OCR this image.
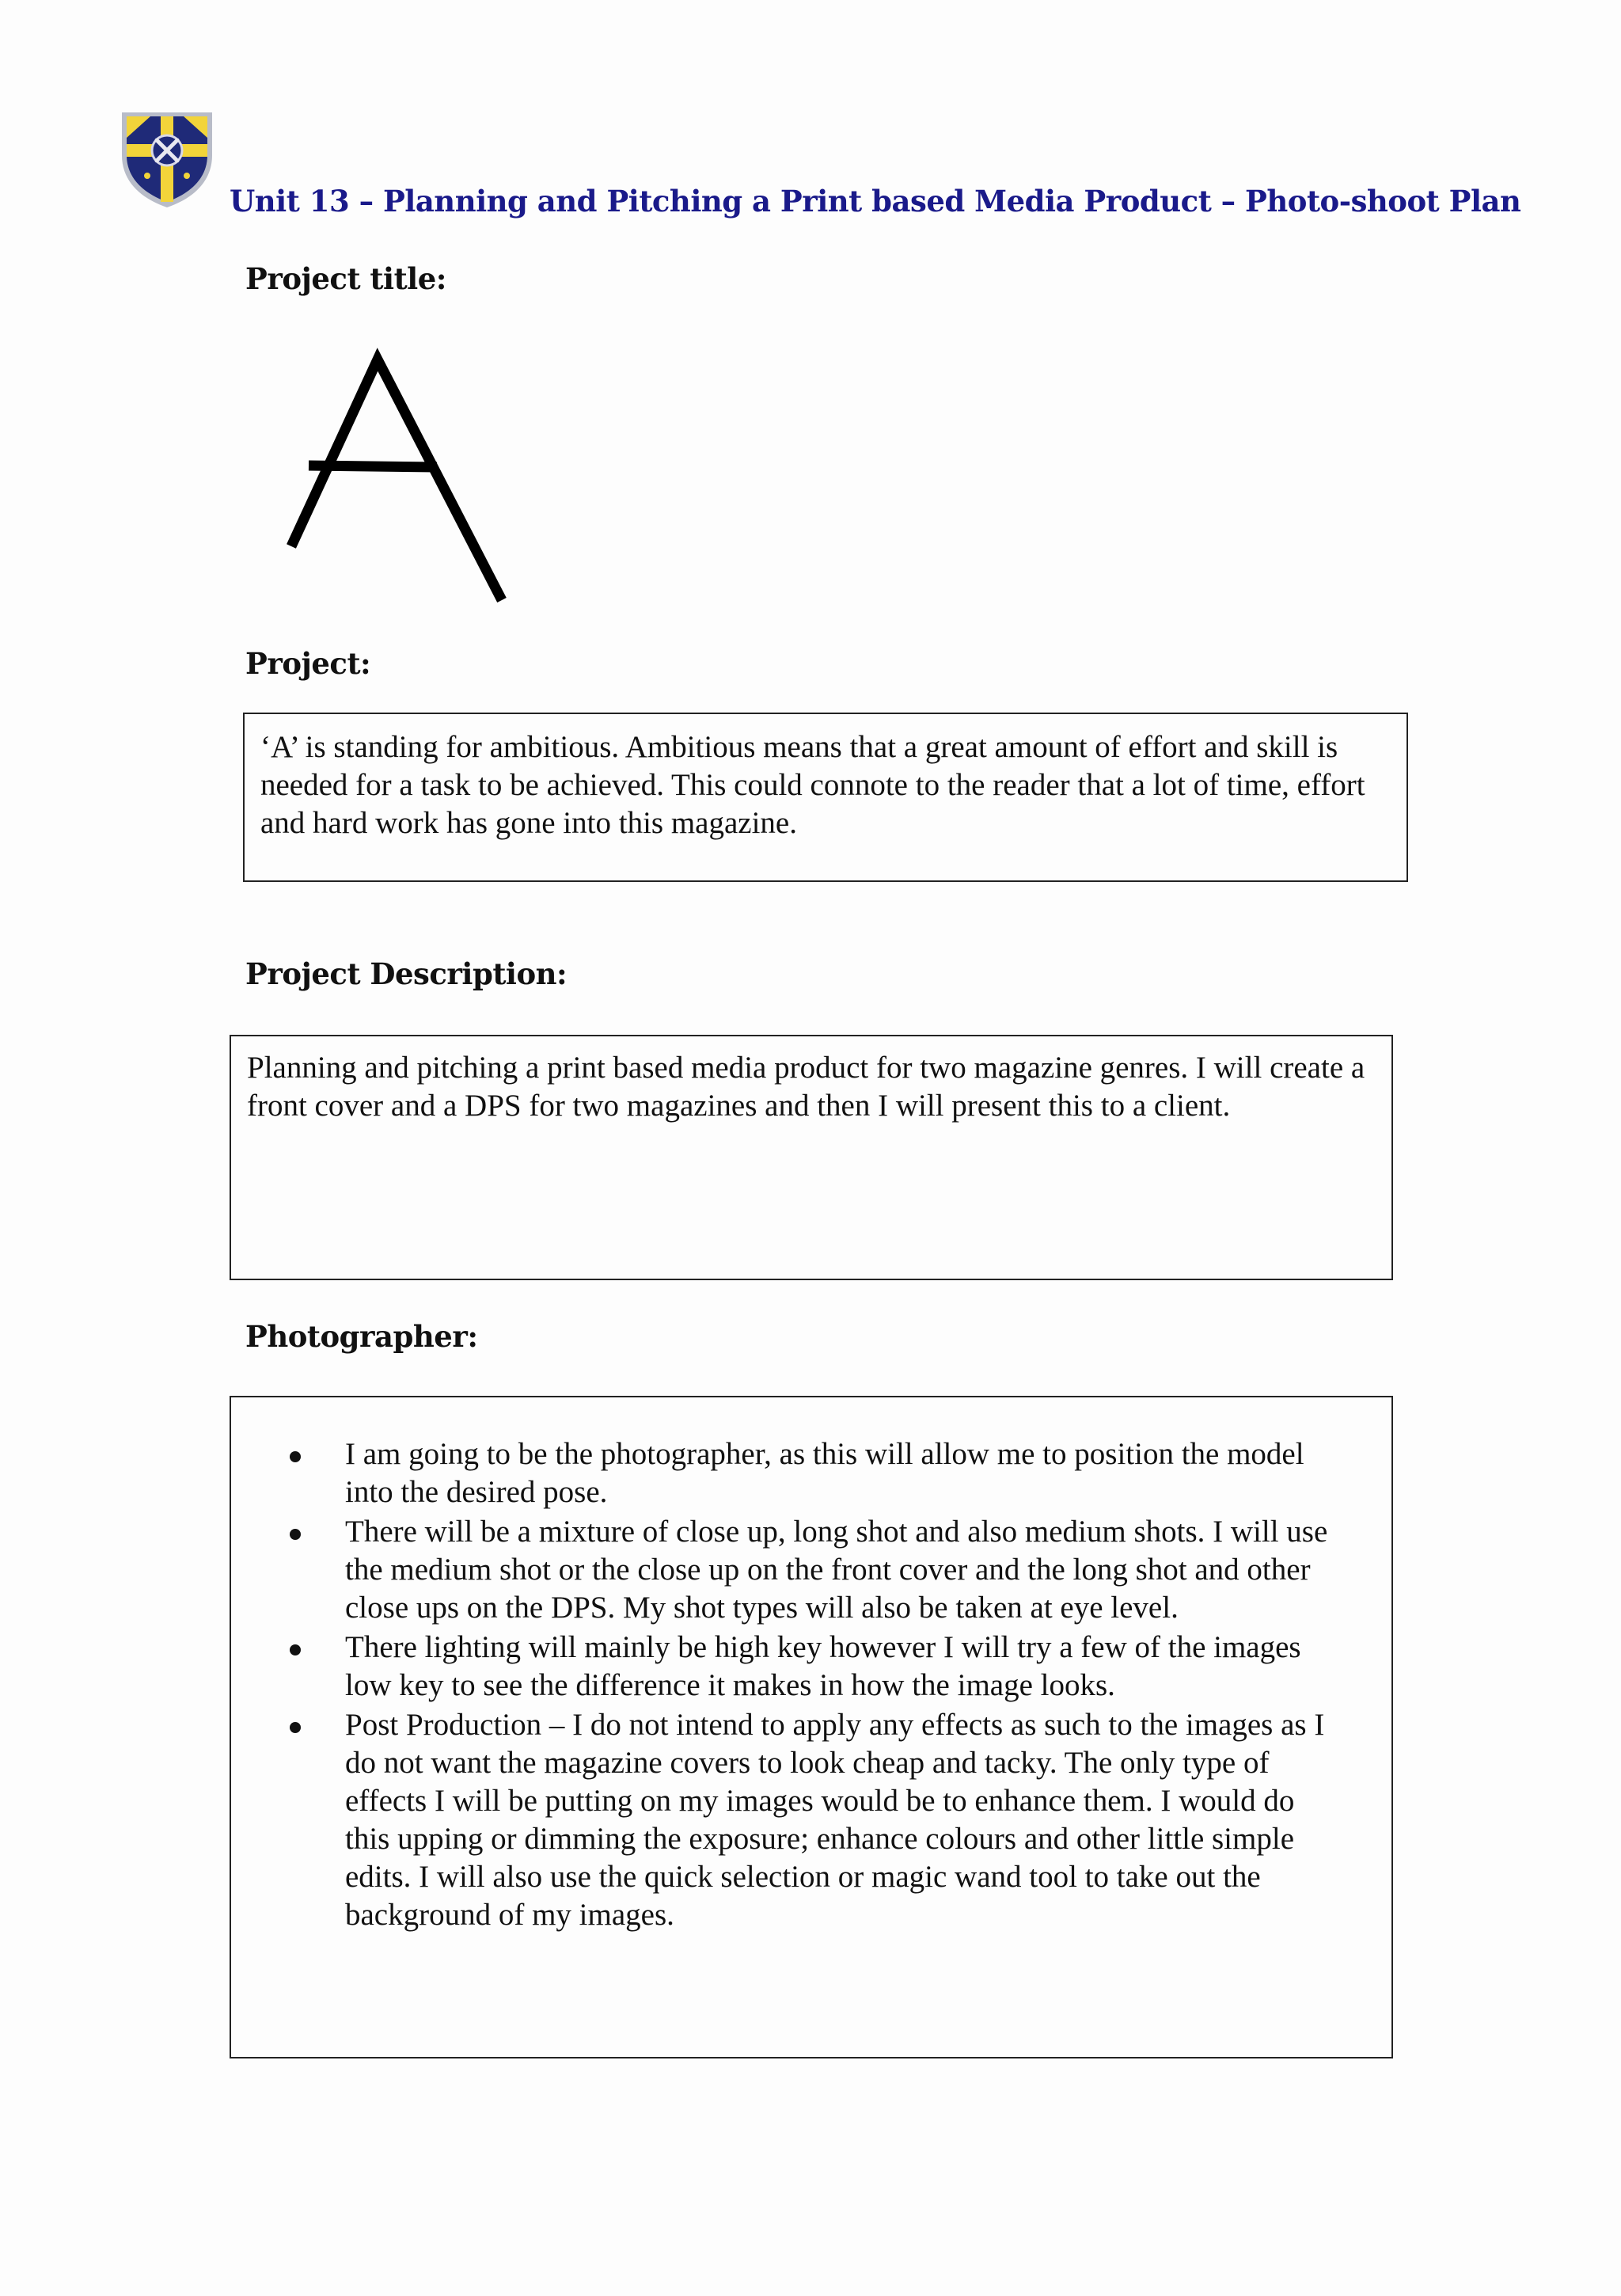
Unit 13 – Planning and Pitching a Print based Media Product – Photo-shoot Plan
Project title:
Project:
‘A’ is standing for ambitious. Ambitious means that a great amount of effort and skill is needed for a task to be achieved. This could connote to the reader that a lot of time, effort and hard work has gone into this magazine.
Project Description:
Planning and pitching a print based media product for two magazine genres. I will create a front cover and a DPS for two magazines and then I will present this to a client.
Photographer:
I am going to be the photographer, as this will allow me to position the model into the desired pose.
There will be a mixture of close up, long shot and also medium shots. I will use the medium shot or the close up on the front cover and the long shot and other close ups on the DPS. My shot types will also be taken at eye level.
There lighting will mainly be high key however I will try a few of the images low key to see the difference it makes in how the image looks.
Post Production – I do not intend to apply any effects as such to the images as I do not want the magazine covers to look cheap and tacky. The only type of effects I will be putting on my images would be to enhance them. I would do this upping or dimming the exposure; enhance colours and other little simple edits. I will also use the quick selection or magic wand tool to take out the background of my images.
